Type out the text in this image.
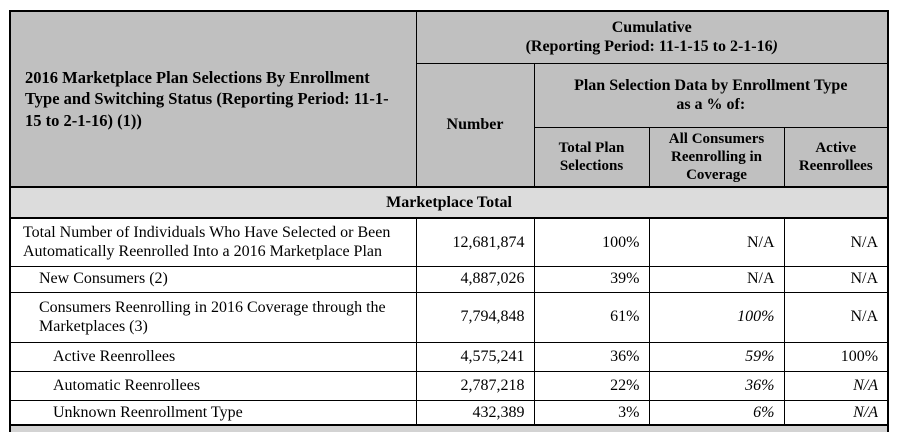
2016 Marketplace Plan Selections By Enrollment Type and Switching Status (Reporting Period: 11-1-15 to 2-1-16) (1))	Cumulative
(Reporting Period: 11-1-15 to 2-1-16)			
	Number	Plan Selection Data by Enrollment Type
as a % of:		
		Total Plan Selections	All Consumers Reenrolling in Coverage	Active Reenrollees
Marketplace Total				
Total Number of Individuals Who Have Selected or Been Automatically Reenrolled Into a 2016 Marketplace Plan	12,681,874	100%	N/A	N/A
New Consumers (2)	4,887,026	39%	N/A	N/A
Consumers Reenrolling in 2016 Coverage through the Marketplaces (3)	7,794,848	61%	100%	N/A
Active Reenrollees	4,575,241	36%	59%	100%
Automatic Reenrollees	2,787,218	22%	36%	N/A
Unknown Reenrollment Type	432,389	3%	6%	N/A
